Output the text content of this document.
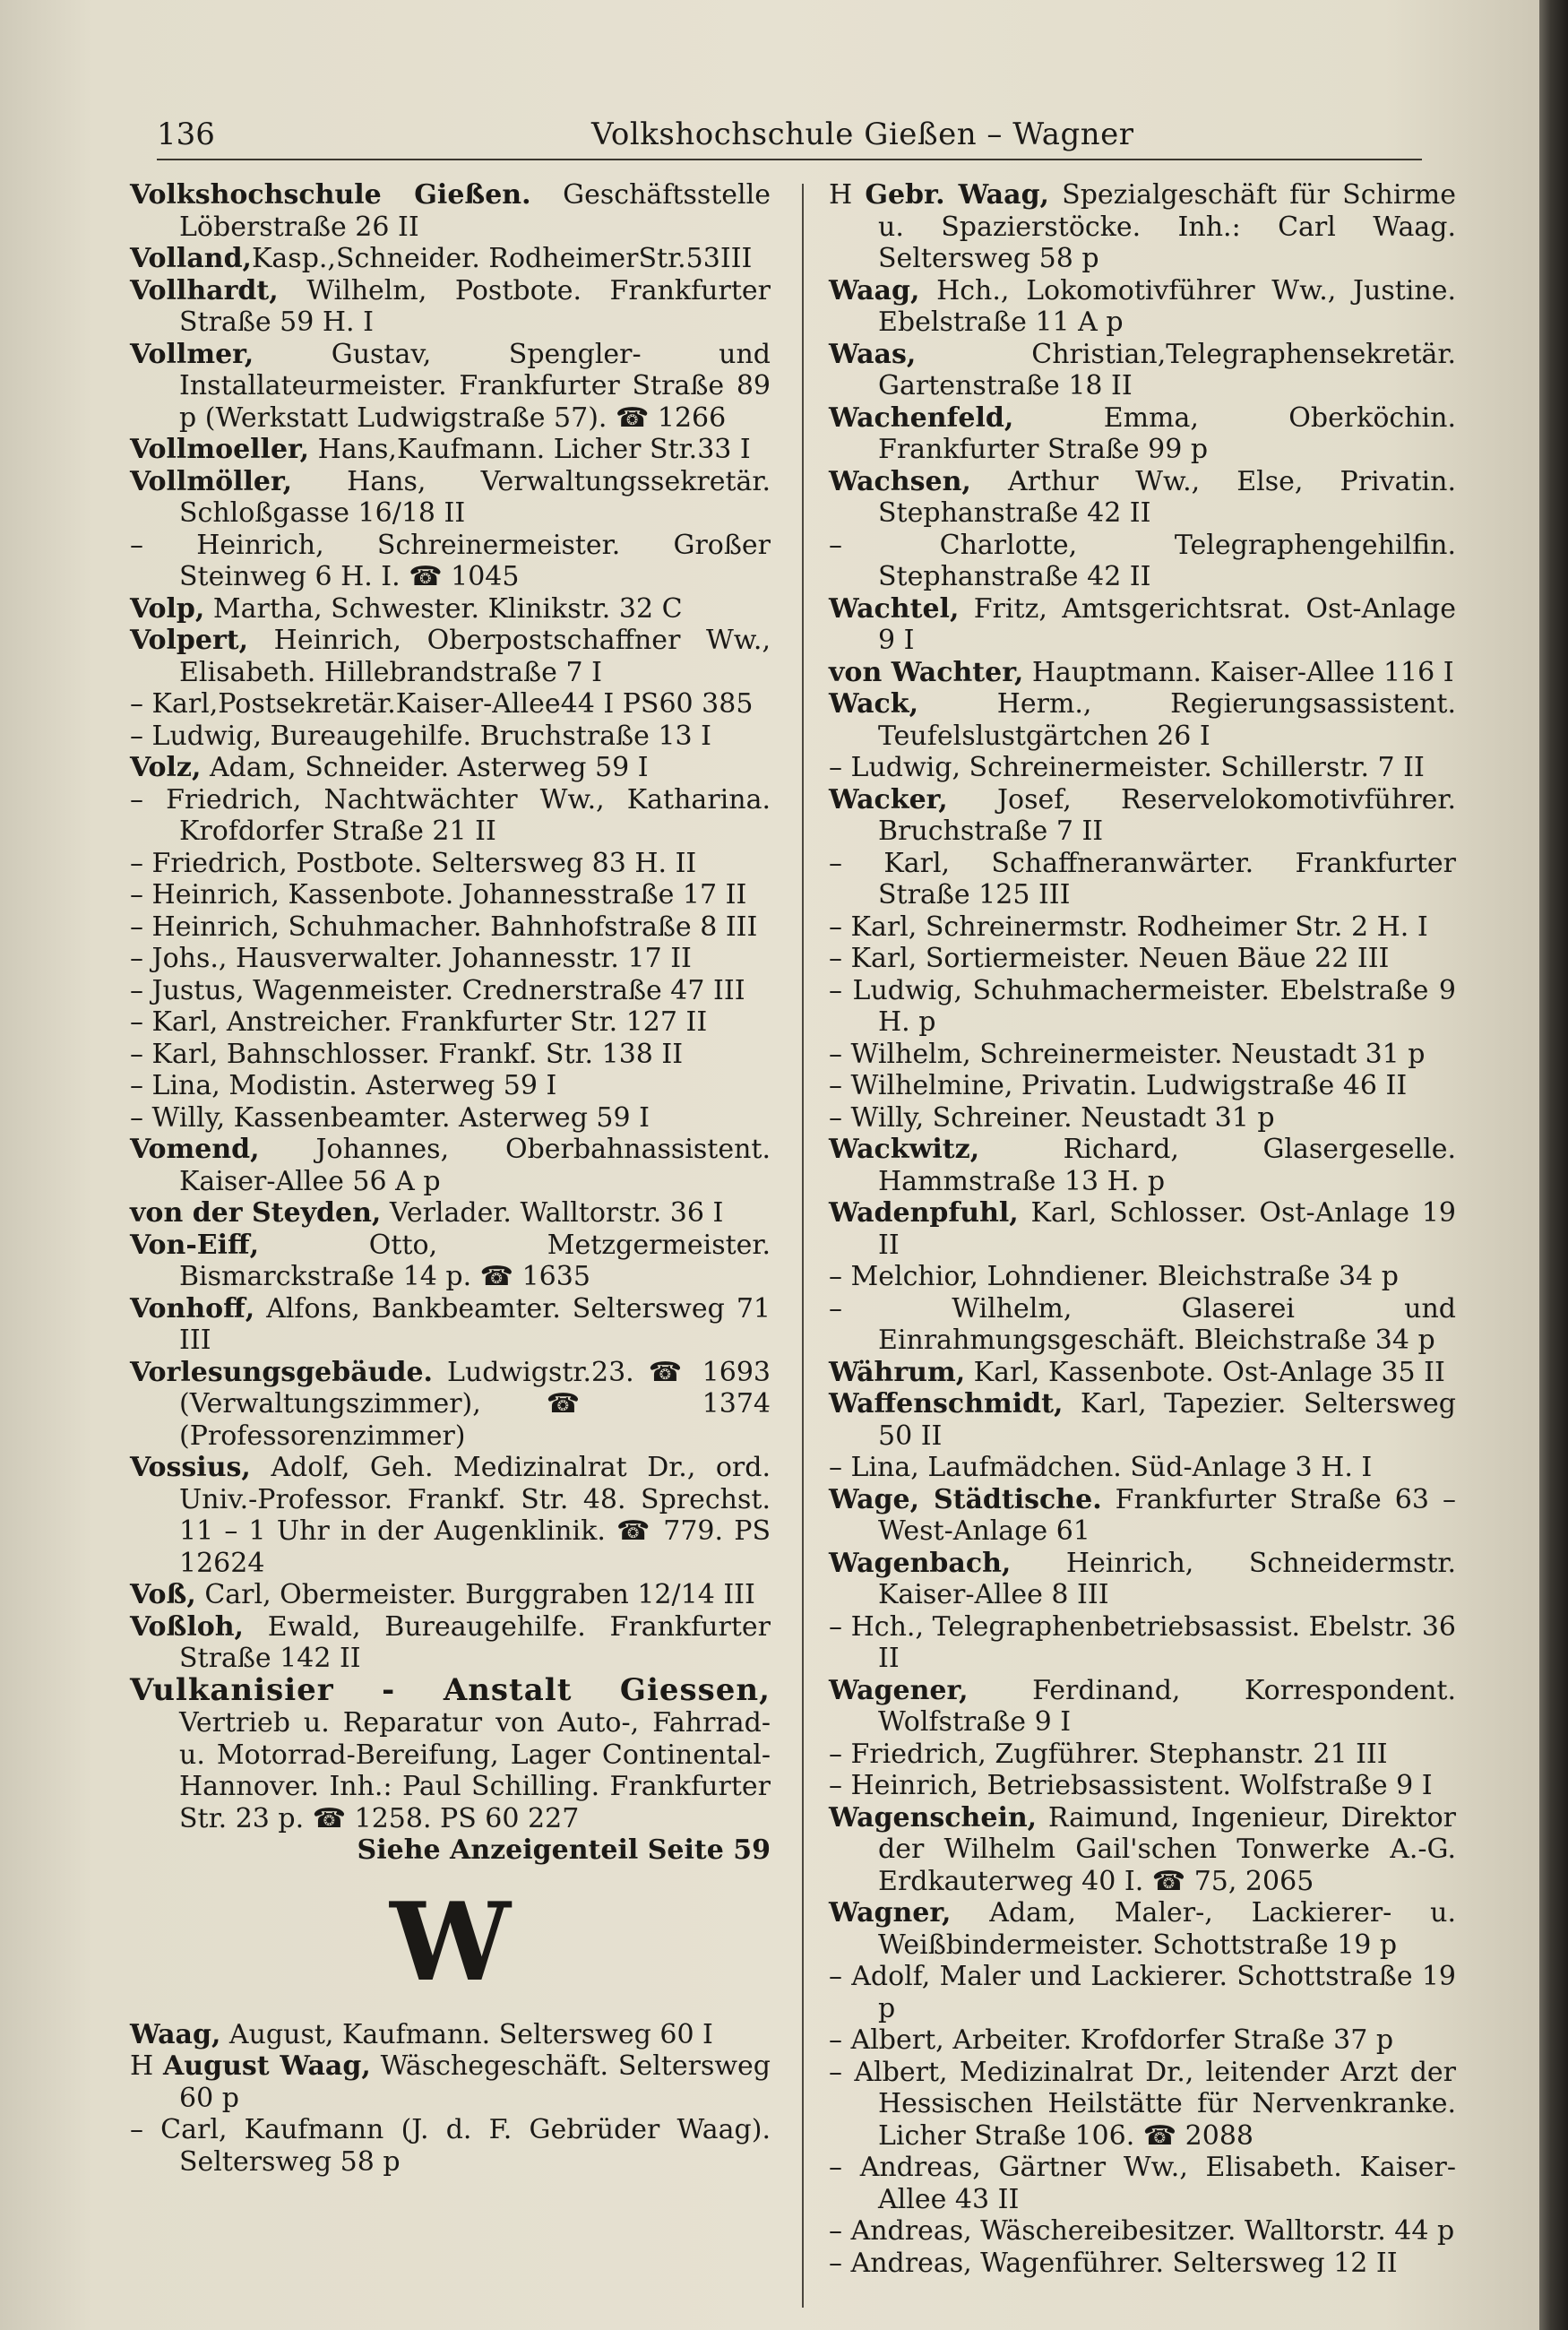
136	Volkshochschule Gießen – Wagner

Volkshochschule Gießen. Geschäftsstelle Löberstraße 26 II

Volland,Kasp.,Schneider. RodheimerStr.53III

Vollhardt, Wilhelm, Postbote. Frankfurter Straße 59 H. I

Vollmer, Gustav, Spengler- und Installateurmeister. Frankfurter Straße 89 p (Werkstatt Ludwigstraße 57). ☎ 1266

Vollmoeller, Hans,Kaufmann. Licher Str.33 I

Vollmöller, Hans, Verwaltungssekretär. Schloßgasse 16/18 II

– Heinrich, Schreinermeister. Großer Steinweg 6 H. I. ☎ 1045

Volp, Martha, Schwester. Klinikstr. 32 C

Volpert, Heinrich, Oberpostschaffner Ww., Elisabeth. Hillebrandstraße 7 I

– Karl,Postsekretär.Kaiser-Allee44 I PS60 385

– Ludwig, Bureaugehilfe. Bruchstraße 13 I

Volz, Adam, Schneider. Asterweg 59 I

– Friedrich, Nachtwächter Ww., Katharina. Krofdorfer Straße 21 II

– Friedrich, Postbote. Seltersweg 83 H. II

– Heinrich, Kassenbote. Johannesstraße 17 II

– Heinrich, Schuhmacher. Bahnhofstraße 8 III

– Johs., Hausverwalter. Johannesstr. 17 II

– Justus, Wagenmeister. Crednerstraße 47 III

– Karl, Anstreicher. Frankfurter Str. 127 II

– Karl, Bahnschlosser. Frankf. Str. 138 II

– Lina, Modistin. Asterweg 59 I

– Willy, Kassenbeamter. Asterweg 59 I

Vomend, Johannes, Oberbahnassistent. Kaiser-Allee 56 A p

von der Steyden, Verlader. Walltorstr. 36 I

Von-Eiff, Otto, Metzgermeister. Bismarckstraße 14 p. ☎ 1635

Vonhoff, Alfons, Bankbeamter. Seltersweg 71 III

Vorlesungsgebäude. Ludwigstr.23. ☎ 1693 (Verwaltungszimmer), ☎ 1374 (Professorenzimmer)

Vossius, Adolf, Geh. Medizinalrat Dr., ord. Univ.-Professor. Frankf. Str. 48. Sprechst. 11 – 1 Uhr in der Augenklinik. ☎ 779. PS 12624

Voß, Carl, Obermeister. Burggraben 12/14 III

Voßloh, Ewald, Bureaugehilfe. Frankfurter Straße 142 II

Vulkanisier - Anstalt Giessen, Vertrieb u. Reparatur von Auto-, Fahrrad- u. Motorrad-Bereifung, Lager Continental-Hannover. Inh.: Paul Schilling. Frankfurter Str. 23 p. ☎ 1258. PS 60 227

Siehe Anzeigenteil Seite 59

W

Waag, August, Kaufmann. Seltersweg 60 I

H August Waag, Wäschegeschäft. Seltersweg 60 p

– Carl, Kaufmann (J. d. F. Gebrüder Waag). Seltersweg 58 p

H Gebr. Waag, Spezialgeschäft für Schirme u. Spazierstöcke. Inh.: Carl Waag. Seltersweg 58 p

Waag, Hch., Lokomotivführer Ww., Justine. Ebelstraße 11 A p

Waas, Christian,Telegraphensekretär. Gartenstraße 18 II

Wachenfeld, Emma, Oberköchin. Frankfurter Straße 99 p

Wachsen, Arthur Ww., Else, Privatin. Stephanstraße 42 II

– Charlotte, Telegraphengehilfin. Stephanstraße 42 II

Wachtel, Fritz, Amtsgerichtsrat. Ost-Anlage 9 I

von Wachter, Hauptmann. Kaiser-Allee 116 I

Wack, Herm., Regierungsassistent. Teufelslustgärtchen 26 I

– Ludwig, Schreinermeister. Schillerstr. 7 II

Wacker, Josef, Reservelokomotivführer. Bruchstraße 7 II

– Karl, Schaffneranwärter. Frankfurter Straße 125 III

– Karl, Schreinermstr. Rodheimer Str. 2 H. I

– Karl, Sortiermeister. Neuen Bäue 22 III

– Ludwig, Schuhmachermeister. Ebelstraße 9 H. p

– Wilhelm, Schreinermeister. Neustadt 31 p

– Wilhelmine, Privatin. Ludwigstraße 46 II

– Willy, Schreiner. Neustadt 31 p

Wackwitz, Richard, Glasergeselle. Hammstraße 13 H. p

Wadenpfuhl, Karl, Schlosser. Ost-Anlage 19 II

– Melchior, Lohndiener. Bleichstraße 34 p

– Wilhelm, Glaserei und Einrahmungsgeschäft. Bleichstraße 34 p

Währum, Karl, Kassenbote. Ost-Anlage 35 II

Waffenschmidt, Karl, Tapezier. Seltersweg 50 II

– Lina, Laufmädchen. Süd-Anlage 3 H. I

Wage, Städtische. Frankfurter Straße 63 – West-Anlage 61

Wagenbach, Heinrich, Schneidermstr. Kaiser-Allee 8 III

– Hch., Telegraphenbetriebsassist. Ebelstr. 36 II

Wagener, Ferdinand, Korrespondent. Wolfstraße 9 I

– Friedrich, Zugführer. Stephanstr. 21 III

– Heinrich, Betriebsassistent. Wolfstraße 9 I

Wagenschein, Raimund, Ingenieur, Direktor der Wilhelm Gail'schen Tonwerke A.-G. Erdkauterweg 40 I. ☎ 75, 2065

Wagner, Adam, Maler-, Lackierer- u. Weißbindermeister. Schottstraße 19 p

– Adolf, Maler und Lackierer. Schottstraße 19 p

– Albert, Arbeiter. Krofdorfer Straße 37 p

– Albert, Medizinalrat Dr., leitender Arzt der Hessischen Heilstätte für Nervenkranke. Licher Straße 106. ☎ 2088

– Andreas, Gärtner Ww., Elisabeth. Kaiser-Allee 43 II

– Andreas, Wäschereibesitzer. Walltorstr. 44 p

– Andreas, Wagenführer. Seltersweg 12 II
